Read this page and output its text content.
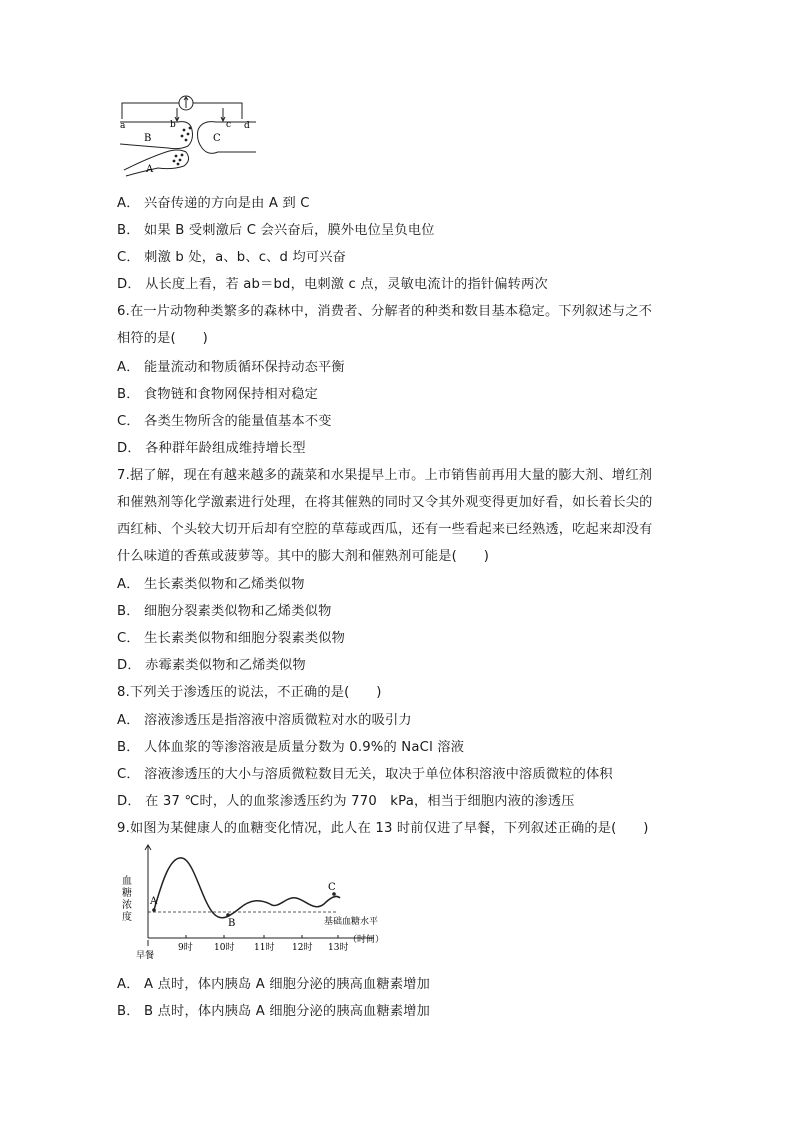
a	b	c d
B	C
A
A． 兴奋传递的方向是由 A 到 C
B． 如果 B 受刺激后 C 会兴奋后，膜外电位呈负电位
C． 刺激 b 处，a、b、c、d 均可兴奋
D． 从长度上看，若 ab＝bd，电刺激 c 点，灵敏电流计的指针偏转两次
6.在一片动物种类繁多的森林中，消费者、分解者的种类和数目基本稳定。下列叙述与之不
相符的是(　　)
A． 能量流动和物质循环保持动态平衡
B． 食物链和食物网保持相对稳定
C． 各类生物所含的能量值基本不变
D． 各种群年龄组成维持增长型
7.据了解，现在有越来越多的蔬菜和水果提早上市。上市销售前再用大量的膨大剂、增红剂
和催熟剂等化学激素进行处理，在将其催熟的同时又令其外观变得更加好看，如长着长尖的
西红柿、个头较大切开后却有空腔的草莓或西瓜，还有一些看起来已经熟透，吃起来却没有
什么味道的香蕉或菠萝等。其中的膨大剂和催熟剂可能是(　　)
A． 生长素类似物和乙烯类似物
B． 细胞分裂素类似物和乙烯类似物
C． 生长素类似物和细胞分裂素类似物
D． 赤霉素类似物和乙烯类似物
8.下列关于渗透压的说法，不正确的是(　　)
A． 溶液渗透压是指溶液中溶质微粒对水的吸引力
B． 人体血浆的等渗溶液是质量分数为 0.9%的 NaCl 溶液
C． 溶液渗透压的大小与溶质微粒数目无关，取决于单位体积溶液中溶质微粒的体积
D． 在 37 ℃时，人的血浆渗透压约为 770　kPa，相当于细胞内液的渗透压
9.如图为某健康人的血糖变化情况，此人在 13 时前仅进了早餐，下列叙述正确的是(　　)
血
糖
浓
度
A
B
C
基础血糖水平
早餐
9时 10时 11时 12时 13时
（时间）
A． A 点时，体内胰岛 A 细胞分泌的胰高血糖素增加
B． B 点时，体内胰岛 A 细胞分泌的胰高血糖素增加
